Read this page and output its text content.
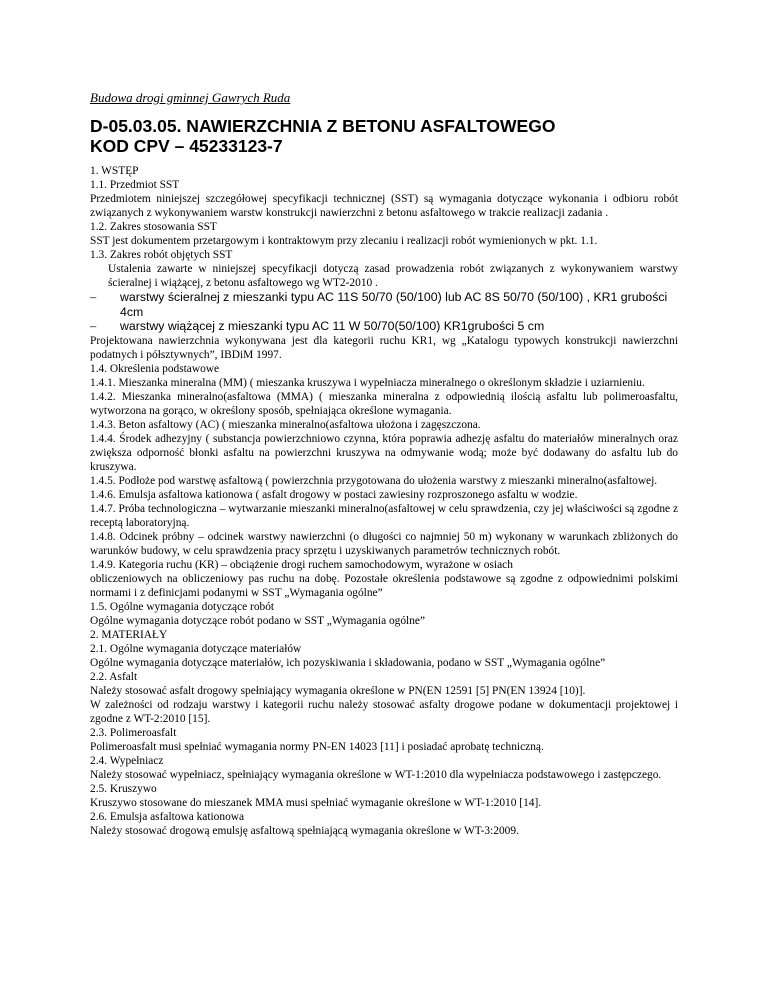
Budowa drogi gminnej Gawrych Ruda
D-05.03.05. NAWIERZCHNIA Z BETONU ASFALTOWEGO
KOD CPV – 45233123-7

1. WSTĘP

1.1. Przedmiot SST

Przedmiotem niniejszej szczegółowej specyfikacji technicznej (SST) są wymagania dotyczące wykonania i odbioru robót związanych z wykonywaniem warstw konstrukcji nawierzchni z betonu asfaltowego w trakcie realizacji zadania .

1.2. Zakres stosowania SST

SST jest dokumentem przetargowym i kontraktowym przy zlecaniu i realizacji robót wymienionych w pkt. 1.1.

1.3. Zakres robót objętych SST

Ustalenia zawarte w niniejszej specyfikacji dotyczą zasad prowadzenia robót związanych z wykonywaniem warstwy ścieralnej i wiążącej, z betonu asfaltowego wg WT2-2010 .

– warstwy ścieralnej z mieszanki typu AC 11S 50/70 (50/100) lub AC 8S 50/70 (50/100) , KR1 grubości 4cm
– warstwy wiążącej z mieszanki typu AC 11 W 50/70(50/100) KR1grubości 5 cm

Projektowana nawierzchnia wykonywana jest dla kategorii ruchu KR1, wg „Katalogu typowych konstrukcji nawierzchni podatnych i półsztywnych”, IBDiM 1997.

1.4. Określenia podstawowe

1.4.1. Mieszanka mineralna (MM) ( mieszanka kruszywa i wypełniacza mineralnego o określonym składzie i uziarnieniu.

1.4.2. Mieszanka mineralno(asfaltowa (MMA) ( mieszanka mineralna z odpowiednią ilością asfaltu lub polimeroasfaltu, wytworzona na gorąco, w określony sposób, spełniająca określone wymagania.

1.4.3. Beton asfaltowy (AC) ( mieszanka mineralno(asfaltowa ułożona i zagęszczona.

1.4.4. Środek adhezyjny ( substancja powierzchniowo czynna, która poprawia adhezję asfaltu do materiałów mineralnych oraz zwiększa odporność błonki asfaltu na powierzchni kruszywa na odmywanie wodą; może być dodawany do asfaltu lub do kruszywa.

1.4.5. Podłoże pod warstwę asfaltową ( powierzchnia przygotowana do ułożenia warstwy z mieszanki mineralno(asfaltowej.

1.4.6. Emulsja asfaltowa kationowa ( asfalt drogowy w postaci zawiesiny rozproszonego asfaltu w wodzie.

1.4.7. Próba technologiczna – wytwarzanie mieszanki mineralno(asfaltowej w celu sprawdzenia, czy jej właściwości są zgodne z receptą laboratoryjną.

1.4.8. Odcinek próbny – odcinek warstwy nawierzchni (o długości co najmniej 50 m) wykonany w warunkach zbliżonych do warunków budowy, w celu sprawdzenia pracy sprzętu i uzyskiwanych parametrów technicznych robót.

1.4.9. Kategoria ruchu (KR) – obciążenie drogi ruchem samochodowym, wyrażone w osiach

obliczeniowych na obliczeniowy pas ruchu na dobę. Pozostałe określenia podstawowe są zgodne z odpowiednimi polskimi normami i z definicjami podanymi w SST „Wymagania ogólne”

1.5. Ogólne wymagania dotyczące robót

Ogólne wymagania dotyczące robót podano w SST „Wymagania ogólne”

2. MATERIAŁY

2.1. Ogólne wymagania dotyczące materiałów

Ogólne wymagania dotyczące materiałów, ich pozyskiwania i składowania, podano w SST „Wymagania ogólne”

2.2. Asfalt

Należy stosować asfalt drogowy spełniający wymagania określone w PN(EN 12591 [5] PN(EN 13924 [10)].

W zależności od rodzaju warstwy i kategorii ruchu należy stosować asfalty drogowe podane w dokumentacji projektowej i zgodne z WT-2:2010 [15].

2.3. Polimeroasfalt

Polimeroasfalt musi spełniać wymagania normy PN-EN 14023 [11] i posiadać aprobatę techniczną.

2.4. Wypełniacz

Należy stosować wypełniacz, spełniający wymagania określone w WT-1:2010 dla wypełniacza podstawowego i zastępczego.

2.5. Kruszywo

Kruszywo stosowane do mieszanek MMA musi spełniać wymaganie określone w WT-1:2010 [14].

2.6. Emulsja asfaltowa kationowa

Należy stosować drogową emulsję asfaltową spełniającą wymagania określone w WT-3:2009.
